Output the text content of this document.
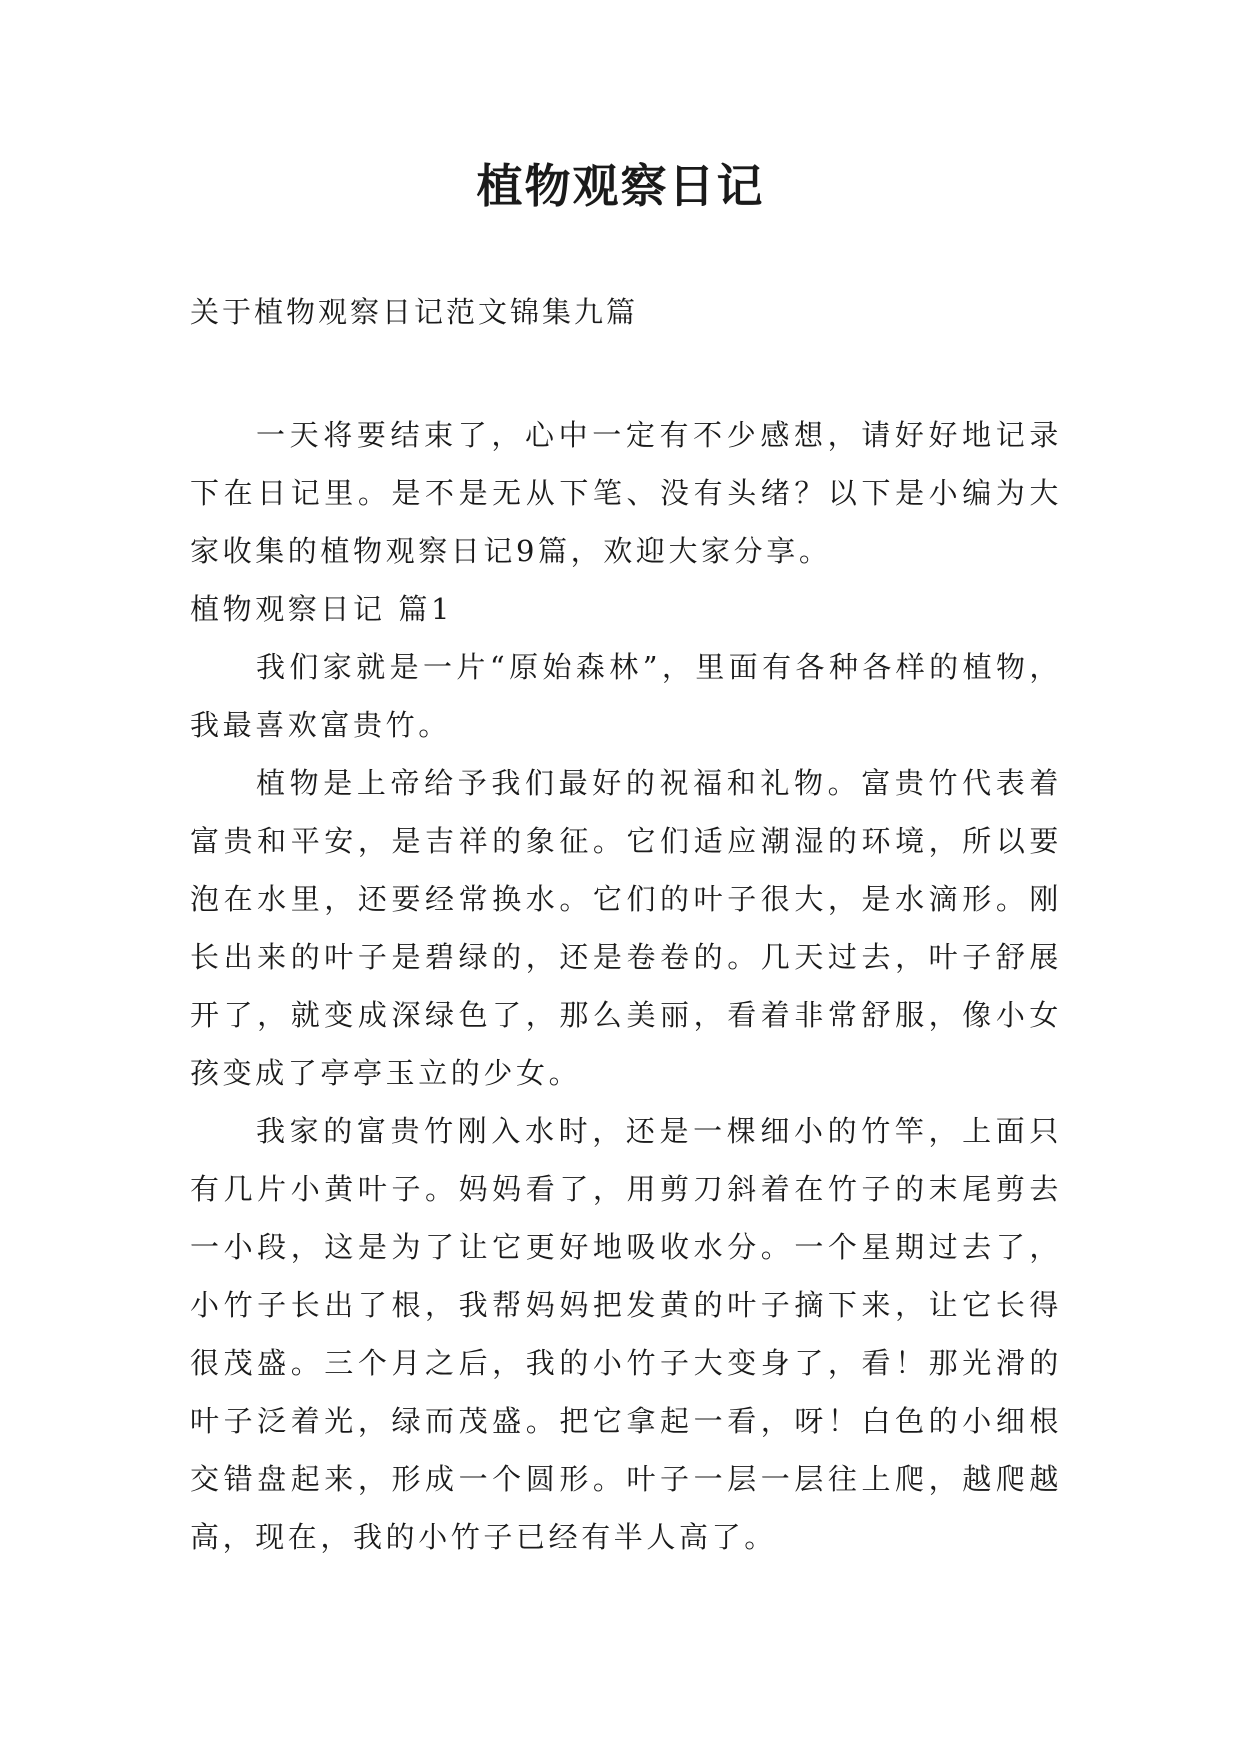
植物观察日记

关于植物观察日记范文锦集九篇

一天将要结束了，心中一定有不少感想，请好好地记录下在日记里。是不是无从下笔、没有头绪？以下是小编为大家收集的植物观察日记9篇，欢迎大家分享。

植物观察日记 篇1

我们家就是一片“原始森林”，里面有各种各样的植物，我最喜欢富贵竹。

植物是上帝给予我们最好的祝福和礼物。富贵竹代表着富贵和平安，是吉祥的象征。它们适应潮湿的环境，所以要泡在水里，还要经常换水。它们的叶子很大，是水滴形。刚长出来的叶子是碧绿的，还是卷卷的。几天过去，叶子舒展开了，就变成深绿色了，那么美丽，看着非常舒服，像小女孩变成了亭亭玉立的少女。

我家的富贵竹刚入水时，还是一棵细小的竹竿，上面只有几片小黄叶子。妈妈看了，用剪刀斜着在竹子的末尾剪去一小段，这是为了让它更好地吸收水分。一个星期过去了，小竹子长出了根，我帮妈妈把发黄的叶子摘下来，让它长得很茂盛。三个月之后，我的小竹子大变身了，看！那光滑的叶子泛着光，绿而茂盛。把它拿起一看，呀！白色的小细根交错盘起来，形成一个圆形。叶子一层一层往上爬，越爬越高，现在，我的小竹子已经有半人高了。
